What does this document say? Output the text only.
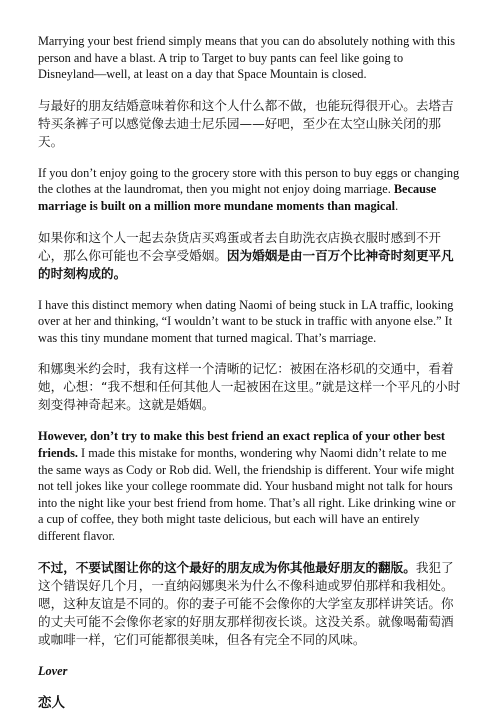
Marrying your best friend simply means that you can do absolutely nothing with this person and have a blast. A trip to Target to buy pants can feel like going to Disneyland—well, at least on a day that Space Mountain is closed.

与最好的朋友结婚意味着你和这个人什么都不做，也能玩得很开心。去塔吉特买条裤子可以感觉像去迪士尼乐园——好吧，至少在太空山脉关闭的那天。

If you don’t enjoy going to the grocery store with this person to buy eggs or changing the clothes at the laundromat, then you might not enjoy doing marriage. Because marriage is built on a million more mundane moments than magical.

如果你和这个人一起去杂货店买鸡蛋或者去自助洗衣店换衣服时感到不开心，那么你可能也不会享受婚姻。因为婚姻是由一百万个比神奇时刻更平凡的时刻构成的。

I have this distinct memory when dating Naomi of being stuck in LA traffic, looking over at her and thinking, “I wouldn’t want to be stuck in traffic with anyone else.” It was this tiny mundane moment that turned magical. That’s marriage.

和娜奥米约会时，我有这样一个清晰的记忆：被困在洛杉矶的交通中，看着她，心想：“我不想和任何其他人一起被困在这里。”就是这样一个平凡的小时刻变得神奇起来。这就是婚姻。

However, don’t try to make this best friend an exact replica of your other best friends. I made this mistake for months, wondering why Naomi didn’t relate to me the same ways as Cody or Rob did. Well, the friendship is different. Your wife might not tell jokes like your college roommate did. Your husband might not talk for hours into the night like your best friend from home. That’s all right. Like drinking wine or a cup of coffee, they both might taste delicious, but each will have an entirely different flavor.

不过，不要试图让你的这个最好的朋友成为你其他最好朋友的翻版。我犯了这个错误好几个月，一直纳闷娜奥米为什么不像科迪或罗伯那样和我相处。嗯，这种友谊是不同的。你的妻子可能不会像你的大学室友那样讲笑话。你的丈夫可能不会像你老家的好朋友那样彻夜长谈。这没关系。就像喝葡萄酒或咖啡一样，它们可能都很美味，但各有完全不同的风味。

Lover

恋人
